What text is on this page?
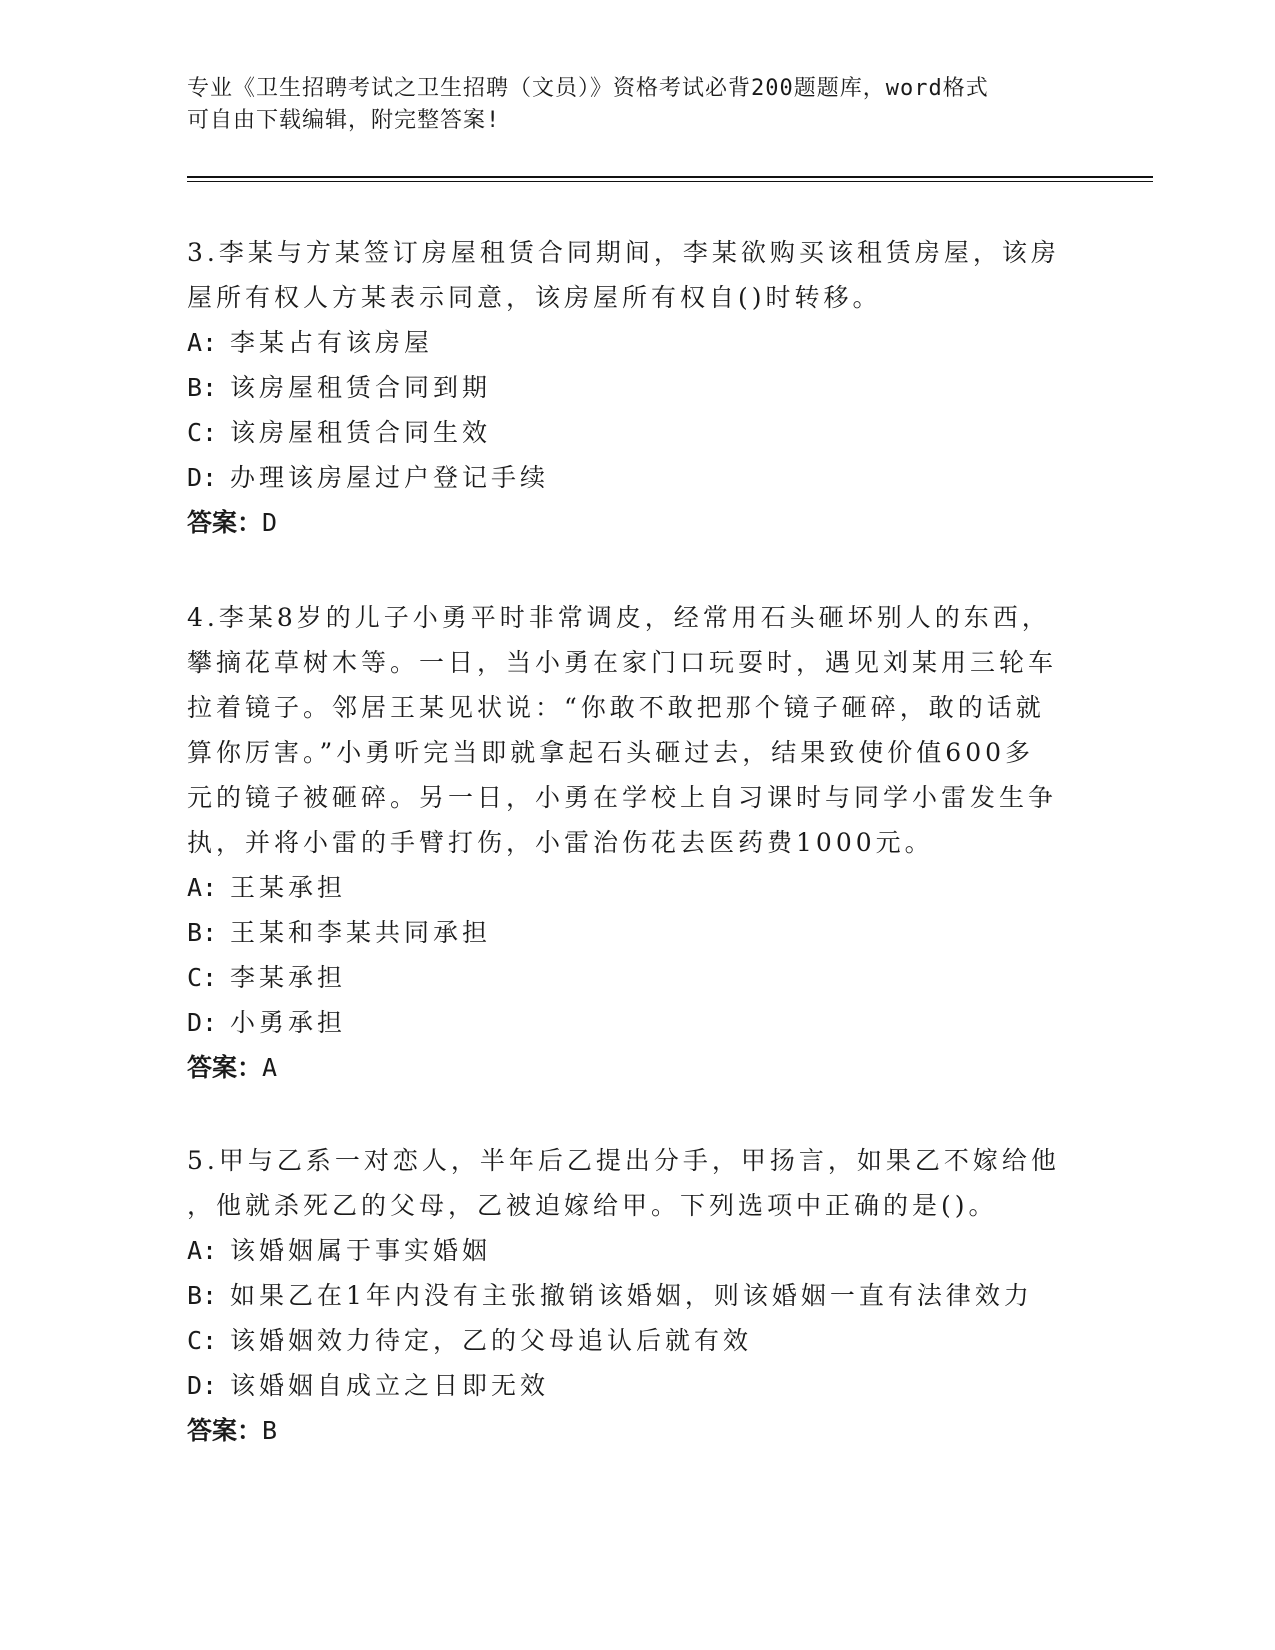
专业《卫生招聘考试之卫生招聘（文员）》资格考试必背200题题库，word格式
可自由下载编辑，附完整答案!
3.李某与方某签订房屋租赁合同期间，李某欲购买该租赁房屋，该房
屋所有权人方某表示同意，该房屋所有权自()时转移。
A: 李某占有该房屋
B: 该房屋租赁合同到期
C: 该房屋租赁合同生效
D: 办理该房屋过户登记手续
答案：D
4.李某8岁的儿子小勇平时非常调皮，经常用石头砸坏别人的东西，
攀摘花草树木等。一日，当小勇在家门口玩耍时，遇见刘某用三轮车
拉着镜子。邻居王某见状说：“你敢不敢把那个镜子砸碎，敢的话就
算你厉害。”小勇听完当即就拿起石头砸过去，结果致使价值600多
元的镜子被砸碎。另一日，小勇在学校上自习课时与同学小雷发生争
执，并将小雷的手臂打伤，小雷治伤花去医药费1000元。
A: 王某承担
B: 王某和李某共同承担
C: 李某承担
D: 小勇承担
答案：A
5.甲与乙系一对恋人，半年后乙提出分手，甲扬言，如果乙不嫁给他
，他就杀死乙的父母，乙被迫嫁给甲。下列选项中正确的是()。
A: 该婚姻属于事实婚姻
B: 如果乙在1年内没有主张撤销该婚姻，则该婚姻一直有法律效力
C: 该婚姻效力待定，乙的父母追认后就有效
D: 该婚姻自成立之日即无效
答案：B
